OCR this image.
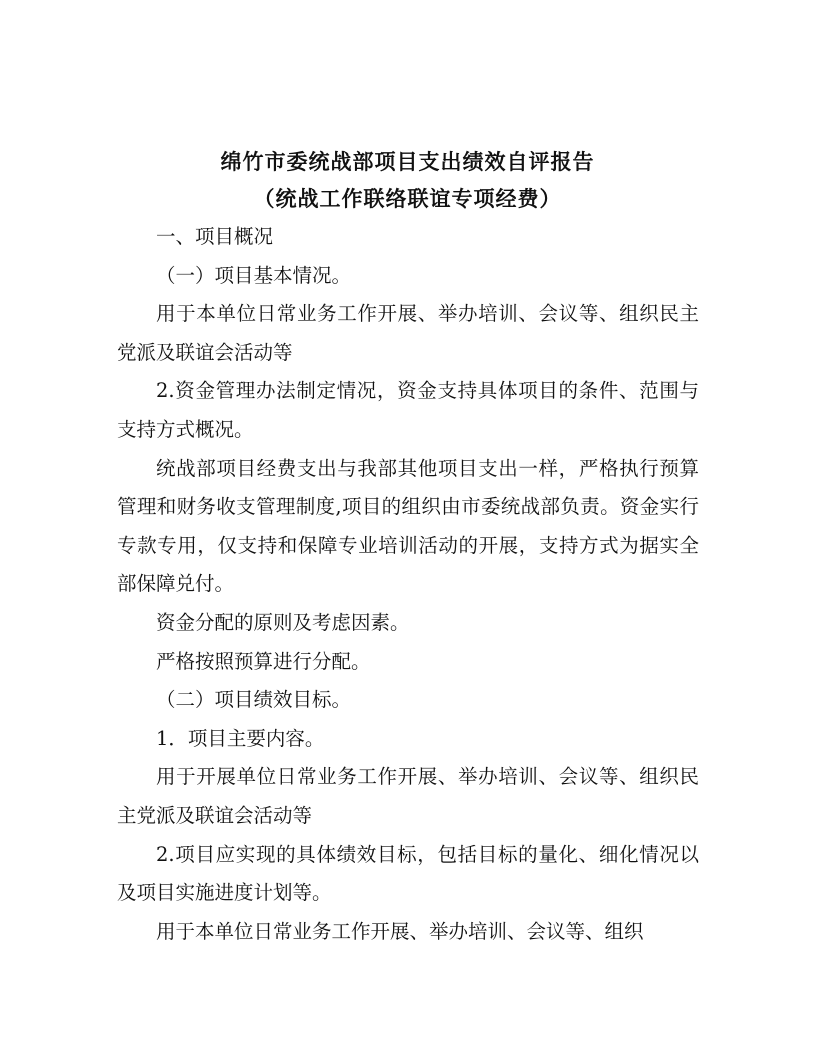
绵竹市委统战部项目支出绩效自评报告
（统战工作联络联谊专项经费）

一、项目概况

（一）项目基本情况。

用于本单位日常业务工作开展、举办培训、会议等、组织民主党派及联谊会活动等

2.资金管理办法制定情况，资金支持具体项目的条件、范围与支持方式概况。

统战部项目经费支出与我部其他项目支出一样，严格执行预算管理和财务收支管理制度,项目的组织由市委统战部负责。资金实行专款专用，仅支持和保障专业培训活动的开展，支持方式为据实全部保障兑付。

资金分配的原则及考虑因素。

严格按照预算进行分配。

（二）项目绩效目标。

1．项目主要内容。

用于开展单位日常业务工作开展、举办培训、会议等、组织民主党派及联谊会活动等

2.项目应实现的具体绩效目标，包括目标的量化、细化情况以及项目实施进度计划等。

用于本单位日常业务工作开展、举办培训、会议等、组织
